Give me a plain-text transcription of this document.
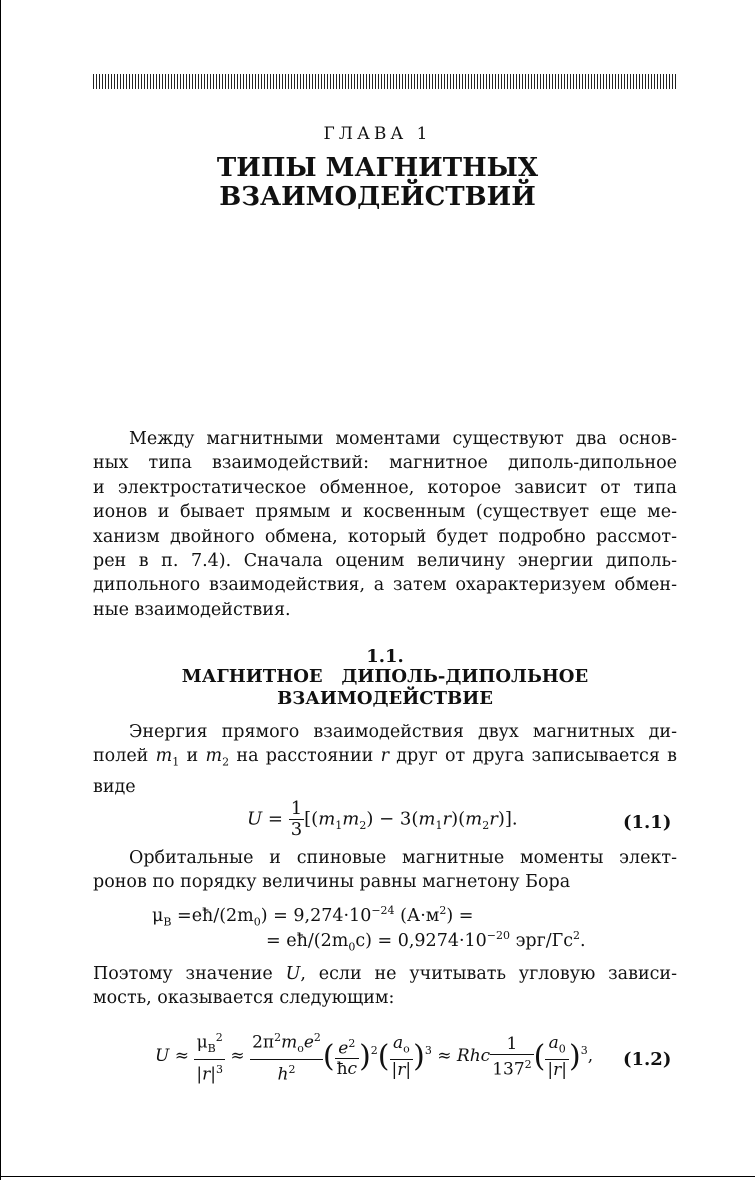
ГЛАВА 1
ТИПЫ МАГНИТНЫХ
ВЗАИМОДЕЙСТВИЙ
Между магнитными моментами существуют два основ-
ных типа взаимодействий: магнитное диполь-дипольное
и электростатическое обменное, которое зависит от типа
ионов и бывает прямым и косвенным (существует еще ме-
ханизм двойного обмена, который будет подробно рассмот-
рен в п. 7.4). Сначала оценим величину энергии диполь-
дипольного взаимодействия, а затем охарактеризуем обмен-
ные взаимодействия.
1.1.
МАГНИТНОЕ   ДИПОЛЬ-ДИПОЛЬНОЕ
ВЗАИМОДЕЙСТВИЕ
Энергия прямого взаимодействия двух магнитных ди-
полей $m_1$ и $m_2$ на расстоянии r друг от друга записывается в
виде
$U = \frac{1}{3} [(m_1m_2) - 3(m_1r)(m_2r)]$.	(1.1)
Орбитальные и спиновые магнитные моменты элект-
ронов по порядку величины равны магнетону Бора
$\mu_B$ $=eħ/(2m_0) = 9,274\cdot 10^{-24}$ $(А\cdot м^2)$ =
= $eħ/(2m_0c) = 0,9274\cdot 10^{-20}$ эрг/$Гс^2$.
Поэтому значение U, если не учитывать угловую зависи-
мость, оказывается следующим:
$U \approx \frac{\mu_B^2}{|r|^3} \approx \frac{2\pi^2m_oe^2}{h^2}$ ( $\frac{e^2}{ħc} )^2( \frac{a_o}{|r|} )^3$ ≈ Rhc $\frac{1}{137^2}$ ( $\frac{a_0}{|r|} )^3$, (1.2)
